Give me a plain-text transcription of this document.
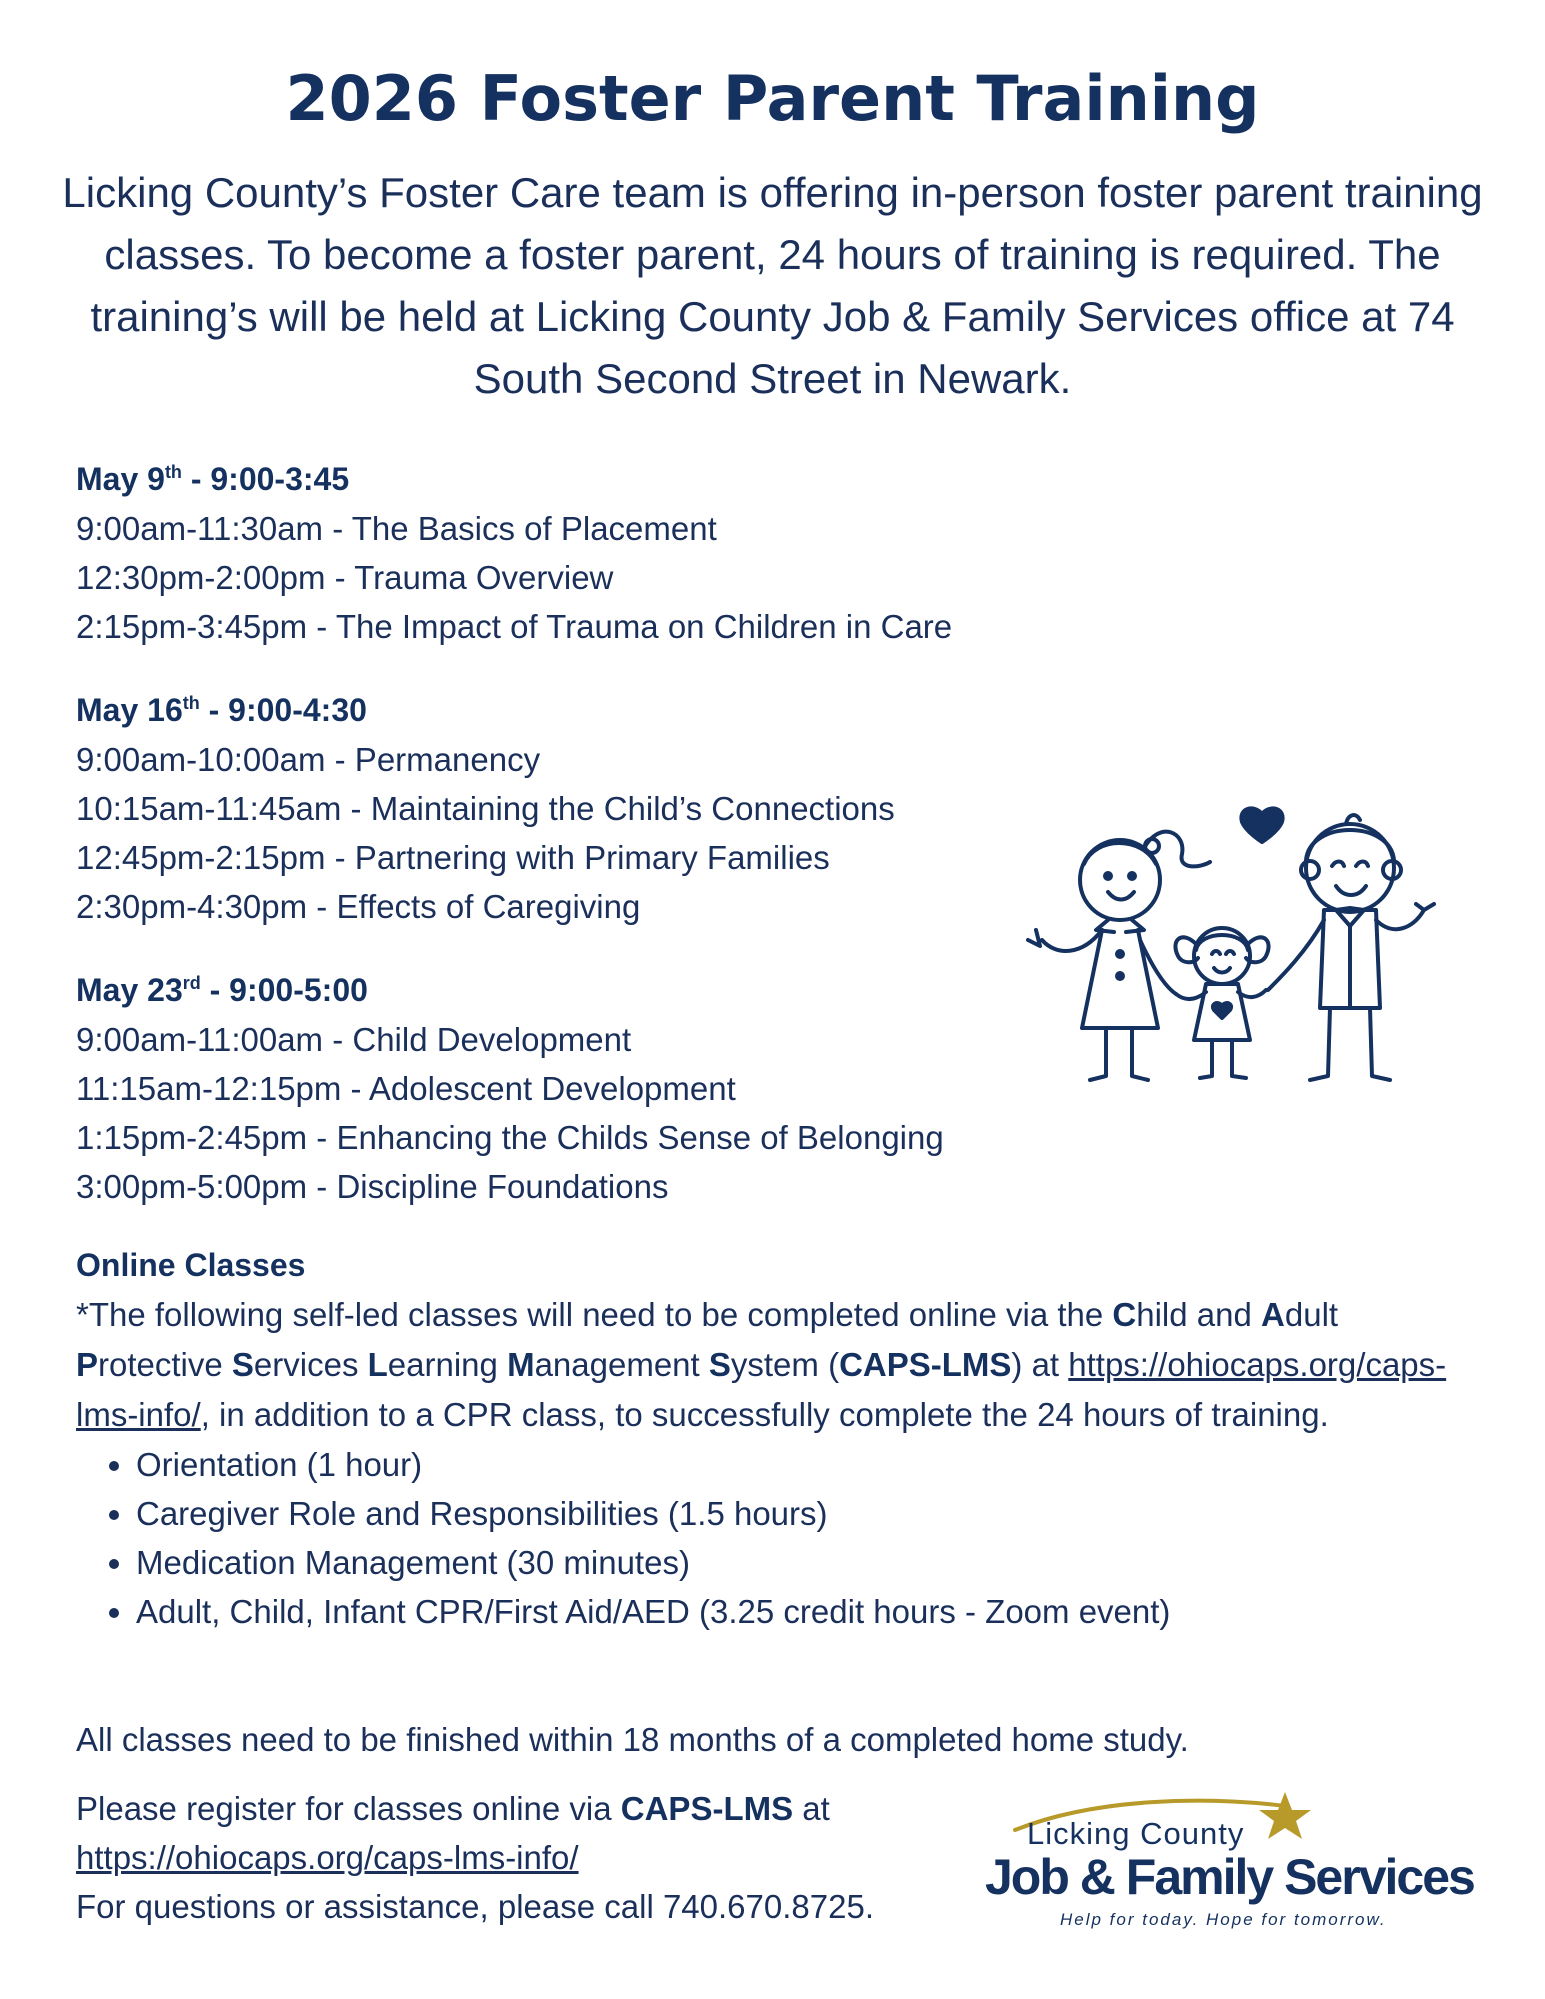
2026 Foster Parent Training

Licking County’s Foster Care team is offering in-person foster parent training classes. To become a foster parent, 24 hours of training is required. The training’s will be held at Licking County Job & Family Services office at 74 South Second Street in Newark.

May 9th - 9:00-3:45
9:00am-11:30am - The Basics of Placement
12:30pm-2:00pm - Trauma Overview
2:15pm-3:45pm - The Impact of Trauma on Children in Care
May 16th - 9:00-4:30
9:00am-10:00am - Permanency
10:15am-11:45am - Maintaining the Child’s Connections
12:45pm-2:15pm - Partnering with Primary Families
2:30pm-4:30pm - Effects of Caregiving
May 23rd - 9:00-5:00
9:00am-11:00am - Child Development
11:15am-12:15pm - Adolescent Development
1:15pm-2:45pm - Enhancing the Childs Sense of Belonging
3:00pm-5:00pm - Discipline Foundations
Online Classes

*The following self-led classes will need to be completed online via the Child and Adult Protective Services Learning Management System (CAPS-LMS) at https://ohiocaps.org/caps-lms-info/, in addition to a CPR class, to successfully complete the 24 hours of training.

• Orientation (1 hour)
• Caregiver Role and Responsibilities (1.5 hours)
• Medication Management (30 minutes)
• Adult, Child, Infant CPR/First Aid/AED (3.25 credit hours - Zoom event)
All classes need to be finished within 18 months of a completed home study.
Please register for classes online via CAPS-LMS at
https://ohiocaps.org/caps-lms-info/
For questions or assistance, please call 740.670.8725.
Licking County
Job & Family Services
Help for today. Hope for tomorrow.
